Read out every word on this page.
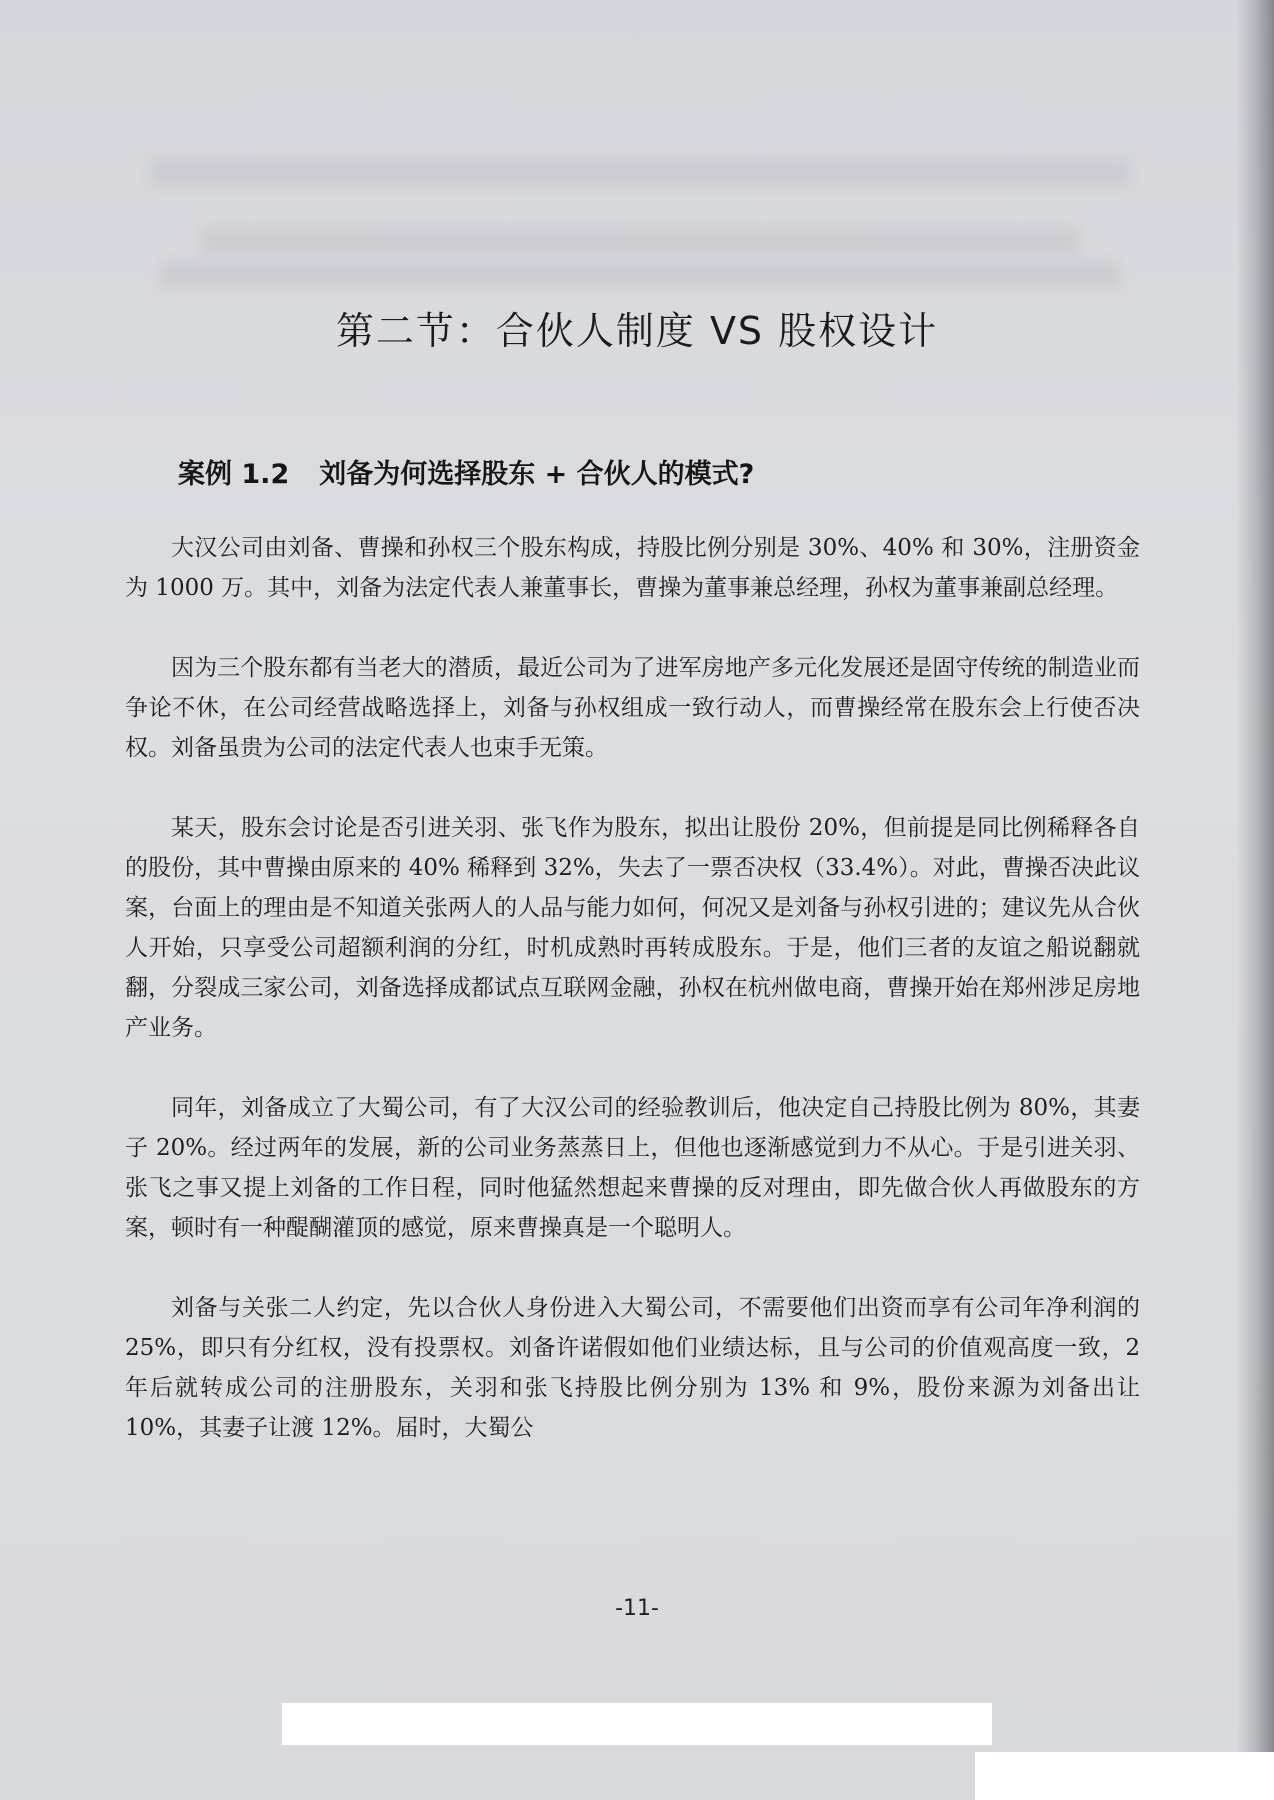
第二节：合伙人制度 VS 股权设计
案例 1.2 刘备为何选择股东 + 合伙人的模式?

大汉公司由刘备、曹操和孙权三个股东构成，持股比例分别是 30%、40% 和 30%，注册资金为 1000 万。其中，刘备为法定代表人兼董事长，曹操为董事兼总经理，孙权为董事兼副总经理。

因为三个股东都有当老大的潜质，最近公司为了进军房地产多元化发展还是固守传统的制造业而争论不休，在公司经营战略选择上，刘备与孙权组成一致行动人，而曹操经常在股东会上行使否决权。刘备虽贵为公司的法定代表人也束手无策。

某天，股东会讨论是否引进关羽、张飞作为股东，拟出让股份 20%，但前提是同比例稀释各自的股份，其中曹操由原来的 40% 稀释到 32%，失去了一票否决权（33.4%）。对此，曹操否决此议案，台面上的理由是不知道关张两人的人品与能力如何，何况又是刘备与孙权引进的；建议先从合伙人开始，只享受公司超额利润的分红，时机成熟时再转成股东。于是，他们三者的友谊之船说翻就翻，分裂成三家公司，刘备选择成都试点互联网金融，孙权在杭州做电商，曹操开始在郑州涉足房地产业务。

同年，刘备成立了大蜀公司，有了大汉公司的经验教训后，他决定自己持股比例为 80%，其妻子 20%。经过两年的发展，新的公司业务蒸蒸日上，但他也逐渐感觉到力不从心。于是引进关羽、张飞之事又提上刘备的工作日程，同时他猛然想起来曹操的反对理由，即先做合伙人再做股东的方案，顿时有一种醍醐灌顶的感觉，原来曹操真是一个聪明人。

刘备与关张二人约定，先以合伙人身份进入大蜀公司，不需要他们出资而享有公司年净利润的 25%，即只有分红权，没有投票权。刘备许诺假如他们业绩达标，且与公司的价值观高度一致，2 年后就转成公司的注册股东，关羽和张飞持股比例分别为 13% 和 9%，股份来源为刘备出让 10%，其妻子让渡 12%。届时，大蜀公

-11-
